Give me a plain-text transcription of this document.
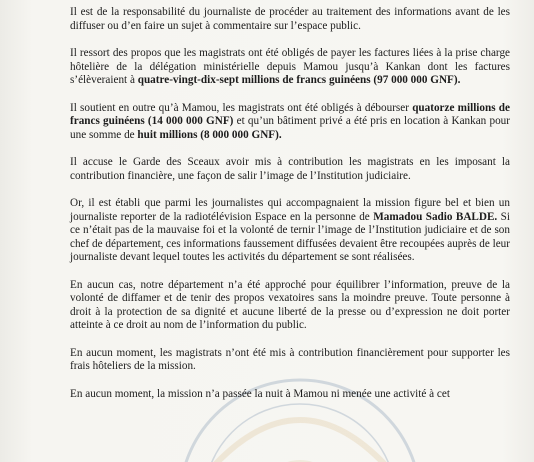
Il est de la responsabilité du journaliste de procéder au traitement des informations avant de les diffuser ou d’en faire un sujet à commentaire sur l’espace public.

Il ressort des propos que les magistrats ont été obligés de payer les factures liées à la prise charge hôtelière de la délégation ministérielle depuis Mamou jusqu’à Kankan dont les factures s’élèveraient à quatre-vingt-dix-sept millions de francs guinéens (97 000 000 GNF).

Il soutient en outre qu’à Mamou, les magistrats ont été obligés à débourser quatorze millions de francs guinéens (14 000 000 GNF) et qu’un bâtiment privé a été pris en location à Kankan pour une somme de huit millions (8 000 000 GNF).

Il accuse le Garde des Sceaux avoir mis à contribution les magistrats en les imposant la contribution financière, une façon de salir l’image de l’Institution judiciaire.

Or, il est établi que parmi les journalistes qui accompagnaient la mission figure bel et bien un journaliste reporter de la radiotélévision Espace en la personne de Mamadou Sadio BALDE. Si ce n’était pas de la mauvaise foi et la volonté de ternir l’image de l’Institution judiciaire et de son chef de département, ces informations faussement diffusées devaient être recoupées auprès de leur journaliste devant lequel toutes les activités du département se sont réalisées.

En aucun cas, notre département n’a été approché pour équilibrer l’information, preuve de la volonté de diffamer et de tenir des propos vexatoires sans la moindre preuve. Toute personne à droit à la protection de sa dignité et aucune liberté de la presse ou d’expression ne doit porter atteinte à ce droit au nom de l’information du public.

En aucun moment, les magistrats n’ont été mis à contribution financièrement pour supporter les frais hôteliers de la mission.

En aucun moment, la mission n’a passée la nuit à Mamou ni menée une activité à cet
